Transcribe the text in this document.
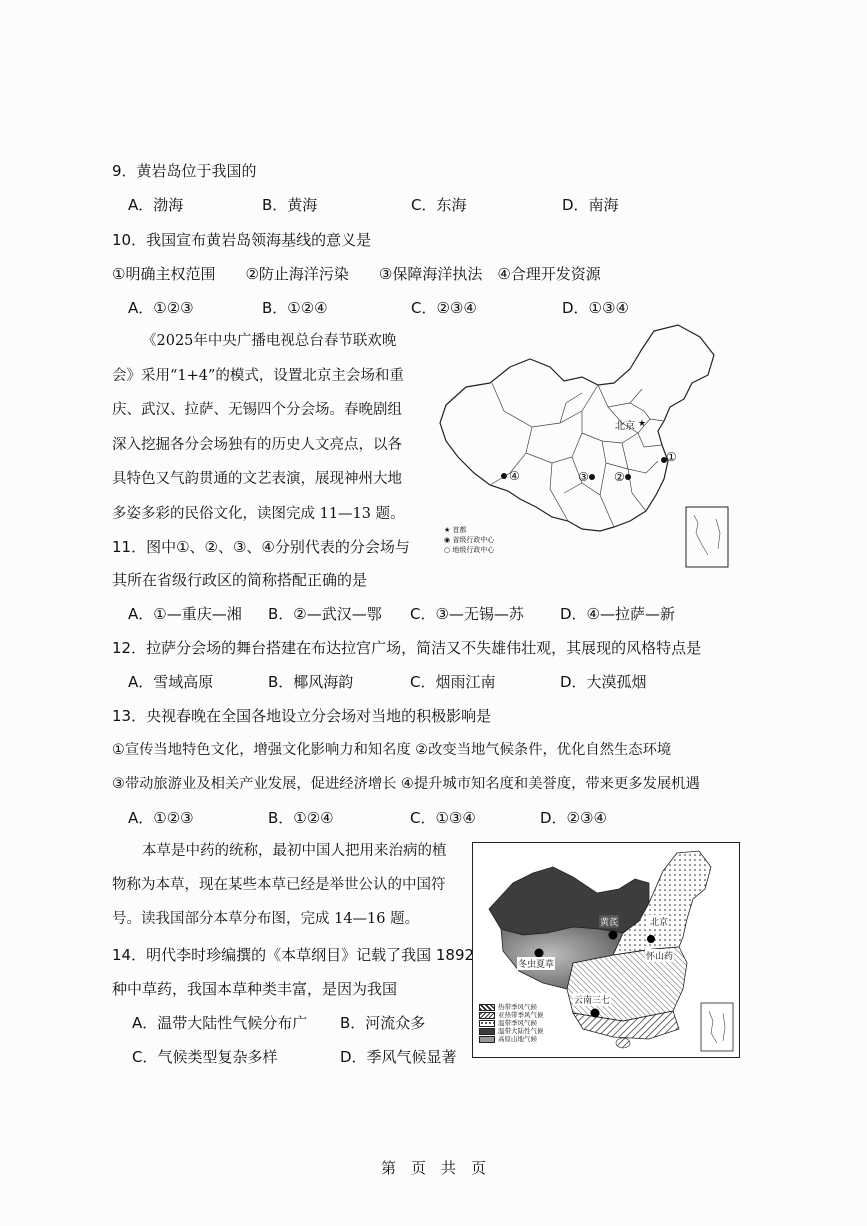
9．黄岩岛位于我国的
A．渤海	B．黄海	C．东海	D．南海
10．我国宣布黄岩岛领海基线的意义是
①明确主权范围　　②防止海洋污染　　③保障海洋执法　④合理开发资源
A．①②③	B．①②④	C．②③④	D．①③④
《2025年中央广播电视总台春节联欢晚
会》采用“1+4”的模式，设置北京主会场和重
庆、武汉、拉萨、无锡四个分会场。春晚剧组
深入挖掘各分会场独有的历史人文亮点，以各
具特色又气韵贯通的文艺表演，展现神州大地
多姿多彩的民俗文化，读图完成 11—13 题。
★
北京
①
②
③
④
★ 首都
◉ 省级行政中心
○ 地级行政中心
11．图中①、②、③、④分别代表的分会场与
其所在省级行政区的简称搭配正确的是
A．①—重庆—湘 B．②—武汉—鄂 C．③—无锡—苏 D．④—拉萨—新
12．拉萨分会场的舞台搭建在布达拉宫广场，简洁又不失雄伟壮观，其展现的风格特点是
A．雪域高原	B．椰风海韵	C．烟雨江南	D．大漠孤烟
13．央视春晚在全国各地设立分会场对当地的积极影响是
①宣传当地特色文化，增强文化影响力和知名度 ②改变当地气候条件，优化自然生态环境
③带动旅游业及相关产业发展，促进经济增长 ④提升城市知名度和美誉度，带来更多发展机遇
A．①②③	B．①②④	C．①③④	D．②③④
本草是中药的统称，最初中国人把用来治病的植
物称为本草，现在某些本草已经是举世公认的中国符
号。读我国部分本草分布图，完成 14—16 题。	黄芪	北京
冬虫夏草
怀山药
云南三七
热带季风气候
亚热带季风气候
温带季风气候
温带大陆性气候
高原山地气候
14．明代李时珍编撰的《本草纲目》记载了我国 1892
种中草药，我国本草种类丰富，是因为我国
A．温带大陆性气候分布广 B．河流众多
C．气候类型复杂多样	D．季风气候显著
第　页　共　页
